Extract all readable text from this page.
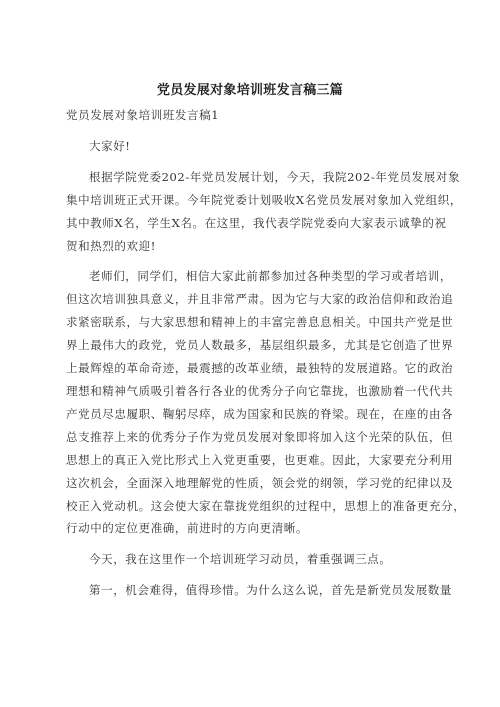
党员发展对象培训班发言稿三篇

党员发展对象培训班发言稿1

大家好!

根据学院党委202-年党员发展计划，今天，我院202-年党员发展对象
集中培训班正式开课。今年院党委计划吸收X名党员发展对象加入党组织，
其中教师X名，学生X名。在这里，我代表学院党委向大家表示诚挚的祝
贺和热烈的欢迎!

老师们，同学们，相信大家此前都参加过各种类型的学习或者培训，
但这次培训独具意义，并且非常严肃。因为它与大家的政治信仰和政治追
求紧密联系，与大家思想和精神上的丰富完善息息相关。中国共产党是世
界上最伟大的政党，党员人数最多，基层组织最多，尤其是它创造了世界
上最辉煌的革命奇迹，最震撼的改革业绩，最独特的发展道路。它的政治
理想和精神气质吸引着各行各业的优秀分子向它靠拢，也激励着一代代共
产党员尽忠履职、鞠躬尽瘁，成为国家和民族的脊梁。现在，在座的由各
总支推荐上来的优秀分子作为党员发展对象即将加入这个光荣的队伍，但
思想上的真正入党比形式上入党更重要，也更难。因此，大家要充分利用
这次机会，全面深入地理解党的性质，领会党的纲领，学习党的纪律以及
校正入党动机。这会使大家在靠拢党组织的过程中，思想上的准备更充分，
行动中的定位更准确，前进时的方向更清晰。

今天，我在这里作一个培训班学习动员，着重强调三点。

第一，机会难得，值得珍惜。为什么这么说，首先是新党员发展数量
